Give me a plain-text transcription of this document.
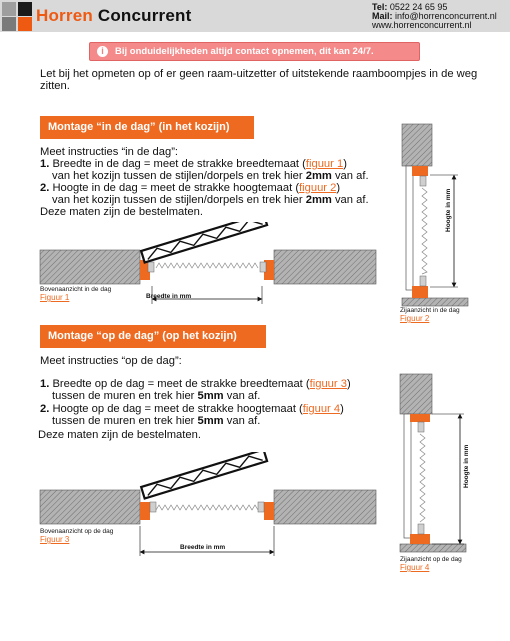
Horren Concurrent	Tel: 0522 24 65 95
Mail: info@horrenconcurrent.nl
www.horrenconcurrent.nl
i	Bij onduidelijkheden altijd contact opnemen, dit kan 24/7.
Let bij het opmeten op of er geen raam-uitzetter of uitstekende raamboompjes in de weg zitten.
Montage “in de dag” (in het kozijn)
Meet instructies “in de dag”:
1. Breedte in de dag = meet de strakke breedtemaat (figuur 1)
van het kozijn tussen de stijlen/dorpels en trek hier 2mm van af.
2. Hoogte in de dag = meet de strakke hoogtemaat (figuur 2)
van het kozijn tussen de stijlen/dorpels en trek hier 2mm van af.
Deze maten zijn de bestelmaten.
Breedte in mm
Bovenaanzicht in de dag
Figuur 1
Hoogte in mm
Zijaanzicht in de dag
Figuur 2
Montage “op de dag” (op het kozijn)
Meet instructies “op de dag”:
1. Breedte op de dag = meet de strakke breedtemaat (figuur 3)
tussen de muren en trek hier 5mm van af.
2. Hoogte op de dag = meet de strakke hoogtemaat (figuur 4)
tussen de muren en trek hier 5mm van af.
Deze maten zijn de bestelmaten.
Breedte in mm
Bovenaanzicht op de dag
Figuur 3
Hoogte in mm
Zijaanzicht op de dag
Figuur 4
